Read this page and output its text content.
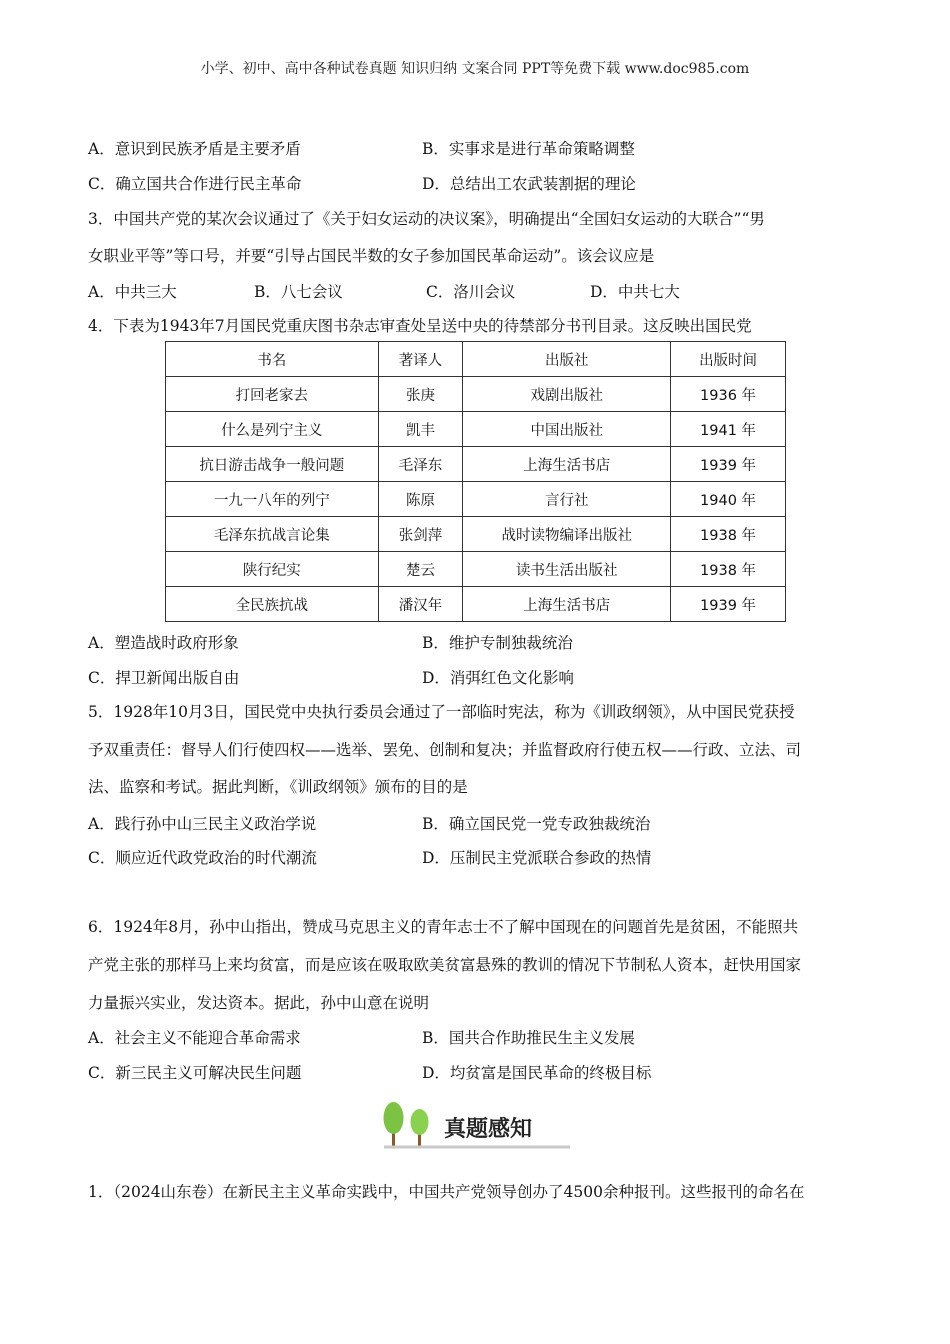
小学、初中、高中各种试卷真题 知识归纳 文案合同 PPT等免费下载 www.doc985.com
A．意识到民族矛盾是主要矛盾	B．实事求是进行革命策略调整
C．确立国共合作进行民主革命	D．总结出工农武装割据的理论
3．中国共产党的某次会议通过了《关于妇女运动的决议案》，明确提出“全国妇女运动的大联合”“男
女职业平等”等口号，并要“引导占国民半数的女子参加国民革命运动”。该会议应是
A．中共三大	B．八七会议	C．洛川会议	D．中共七大
4．下表为1943年7月国民党重庆图书杂志审查处呈送中央的待禁部分书刊目录。这反映出国民党
书名	著译人	出版社	出版时间
打回老家去	张庚	戏剧出版社	1936 年
什么是列宁主义	凯丰	中国出版社	1941 年
抗日游击战争一般问题	毛泽东	上海生活书店	1939 年
一九一八年的列宁	陈原	言行社	1940 年
毛泽东抗战言论集	张剑萍	战时读物编译出版社	1938 年
陕行纪实	楚云	读书生活出版社	1938 年
全民族抗战	潘汉年	上海生活书店	1939 年
A．塑造战时政府形象	B．维护专制独裁统治
C．捍卫新闻出版自由	D．消弭红色文化影响
5．1928年10月3日，国民党中央执行委员会通过了一部临时宪法，称为《训政纲领》，从中国民党获授
予双重责任：督导人们行使四权——选举、罢免、创制和复决；并监督政府行使五权——行政、立法、司
法、监察和考试。据此判断，《训政纲领》颁布的目的是
A．践行孙中山三民主义政治学说	B．确立国民党一党专政独裁统治
C．顺应近代政党政治的时代潮流	D．压制民主党派联合参政的热情
6．1924年8月，孙中山指出，赞成马克思主义的青年志士不了解中国现在的问题首先是贫困，不能照共
产党主张的那样马上来均贫富，而是应该在吸取欧美贫富悬殊的教训的情况下节制私人资本，赶快用国家
力量振兴实业，发达资本。据此，孙中山意在说明
A．社会主义不能迎合革命需求	B．国共合作助推民生主义发展
C．新三民主义可解决民生问题	D．均贫富是国民革命的终极目标
真题感知
1．（2024山东卷）在新民主主义革命实践中，中国共产党领导创办了4500余种报刊。这些报刊的命名在
